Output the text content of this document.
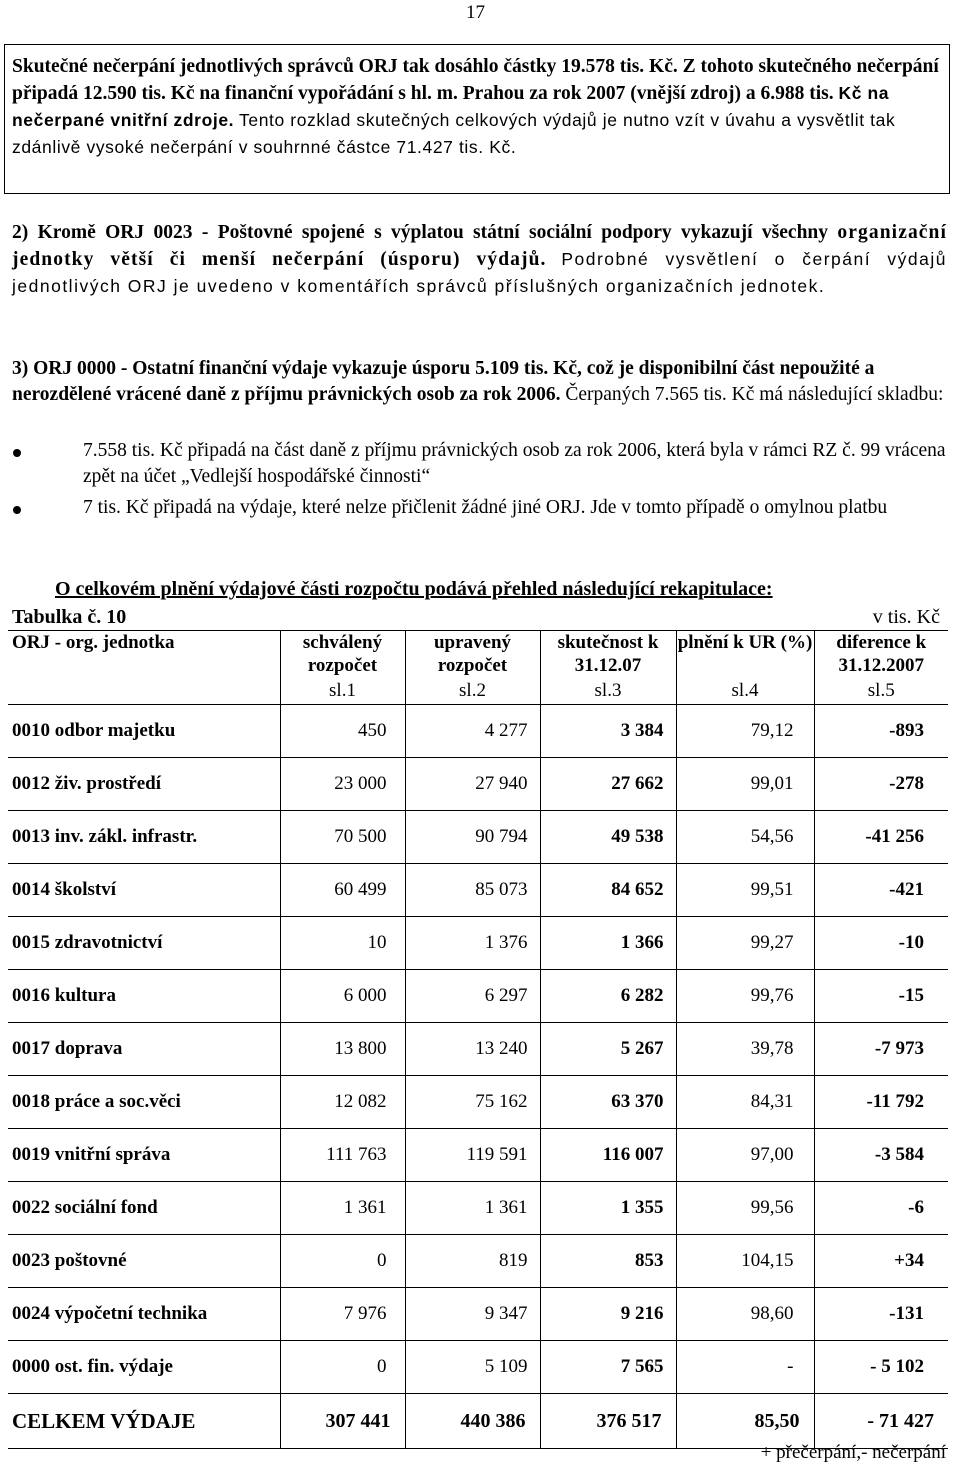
17
Skutečné nečerpání jednotlivých správců ORJ tak dosáhlo částky 19.578 tis. Kč. Z tohoto skutečného nečerpání připadá 12.590 tis. Kč na finanční vypořádání s hl. m. Prahou za rok 2007 (vnější zdroj) a 6.988 tis. Kč na nečerpané vnitřní zdroje. Tento rozklad skutečných celkových výdajů je nutno vzít v úvahu a vysvětlit tak zdánlivě vysoké nečerpání v souhrnné částce 71.427 tis. Kč.
2) Kromě ORJ 0023 - Poštovné spojené s výplatou státní sociální podpory vykazují všechny organizační jednotky větší či menší nečerpání (úsporu) výdajů. Podrobné vysvětlení o čerpání výdajů jednotlivých ORJ je uvedeno v komentářích správců příslušných organizačních jednotek.
3) ORJ 0000 - Ostatní finanční výdaje vykazuje úsporu 5.109 tis. Kč, což je disponibilní část nepoužité a nerozdělené vrácené daně z příjmu právnických osob za rok 2006. Čerpaných 7.565 tis. Kč má následující skladbu:
7.558 tis. Kč připadá na část daně z příjmu právnických osob za rok 2006, která byla v rámci RZ č. 99 vrácena zpět na účet „Vedlejší hospodářské činnosti“
7 tis. Kč připadá na výdaje, které nelze přičlenit žádné jiné ORJ. Jde v tomto případě o omylnou platbu
O celkovém plnění výdajové části rozpočtu podává přehled následující rekapitulace:
Tabulka č. 10	v tis. Kč
ORJ - org. jednotka	schválený rozpočet	upravený rozpočet	skutečnost k 31.12.07	plnění k UR (%)	diference k 31.12.2007
	sl.1	sl.2	sl.3	sl.4	sl.5
0010 odbor majetku	450	4 277	3 384	79,12	-893
0012 živ. prostředí	23 000	27 940	27 662	99,01	-278
0013 inv. zákl. infrastr.	70 500	90 794	49 538	54,56	-41 256
0014 školství	60 499	85 073	84 652	99,51	-421
0015 zdravotnictví	10	1 376	1 366	99,27	-10
0016 kultura	6 000	6 297	6 282	99,76	-15
0017 doprava	13 800	13 240	5 267	39,78	-7 973
0018 práce a soc.věci	12 082	75 162	63 370	84,31	-11 792
0019 vnitřní správa	111 763	119 591	116 007	97,00	-3 584
0022 sociální fond	1 361	1 361	1 355	99,56	-6
0023 poštovné	0	819	853	104,15	+34
0024 výpočetní technika	7 976	9 347	9 216	98,60	-131
0000 ost. fin. výdaje	0	5 109	7 565	-	- 5 102
CELKEM VÝDAJE	307 441	440 386	376 517	85,50	- 71 427
+ přečerpání,- nečerpání
